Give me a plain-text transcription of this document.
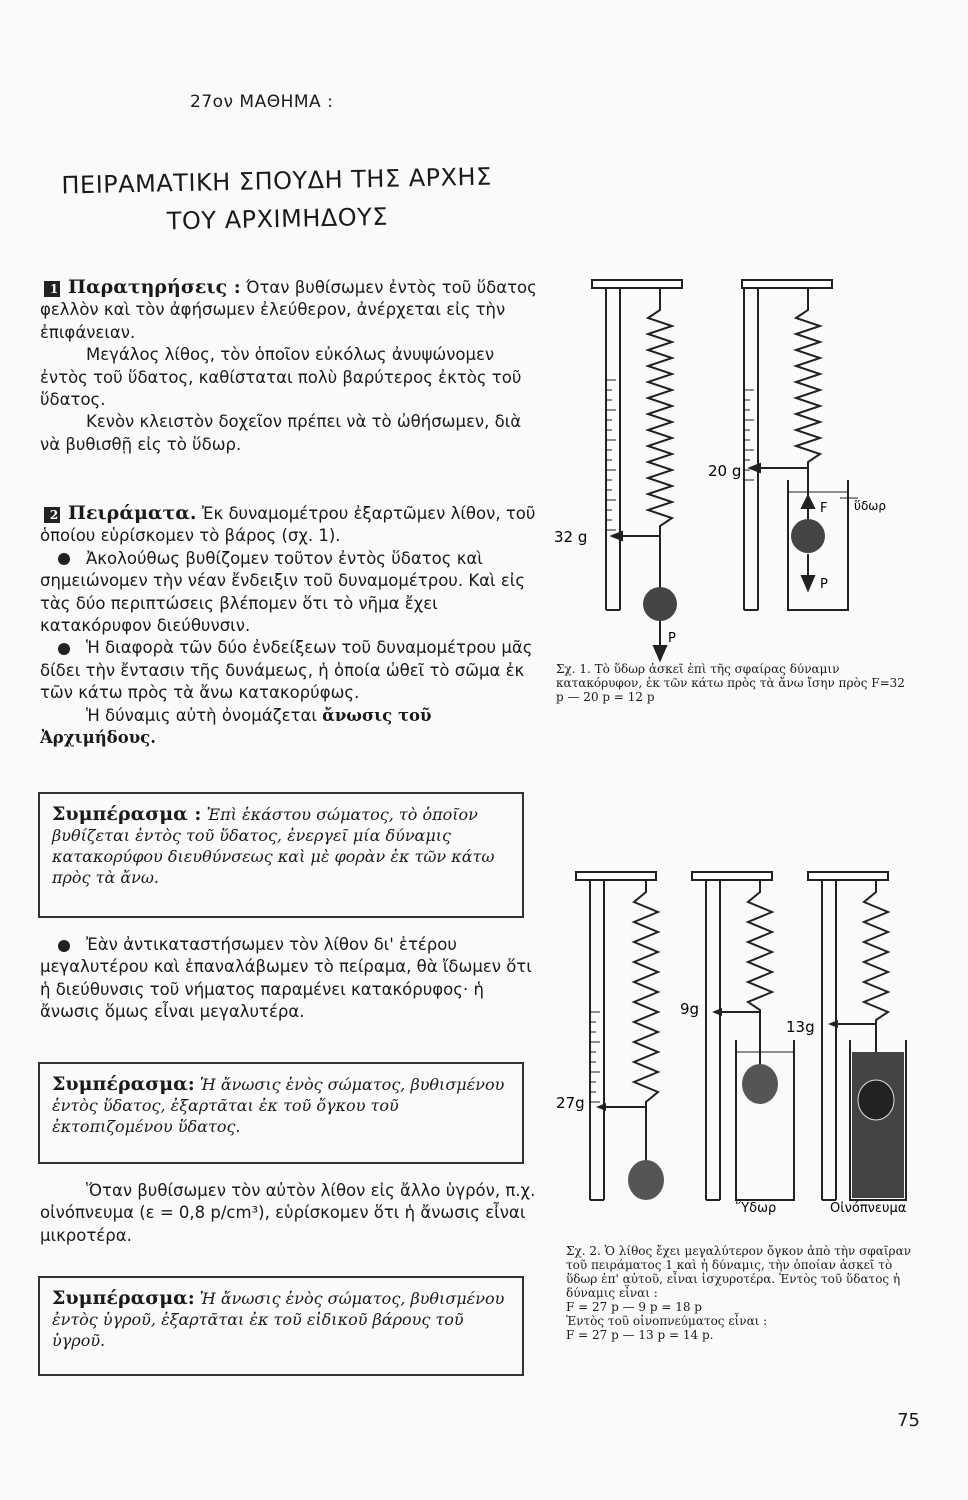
27ον ΜΑΘΗΜΑ :
ΠΕΙΡΑΜΑΤΙΚΗ ΣΠΟΥΔΗ ΤΗΣ ΑΡΧΗΣ
ΤΟΥ ΑΡΧΙΜΗΔΟΥΣ

1 Παρατηρήσεις : Όταν βυθίσωμεν ἐντὸς τοῦ ὕδατος φελλὸν καὶ τὸν ἀφήσωμεν ἐλεύθερον, ἀνέρχεται εἰς τὴν ἐπιφάνειαν.

Μεγάλος λίθος, τὸν ὁποῖον εὐκόλως ἀνυψώνομεν ἐντὸς τοῦ ὕδατος, καθίσταται πολὺ βαρύτερος ἐκτὸς τοῦ ὕδατος.

Κενὸν κλειστὸν δοχεῖον πρέπει νὰ τὸ ὠθήσωμεν, διὰ νὰ βυθισθῇ εἰς τὸ ὕδωρ.

2 Πειράματα. Ἐκ δυναμομέτρου ἐξαρτῶμεν λίθον, τοῦ ὁποίου εὑρίσκομεν τὸ βάρος (σχ. 1).

Ἀκολούθως βυθίζομεν τοῦτον ἐντὸς ὕδατος καὶ σημειώνομεν τὴν νέαν ἔνδειξιν τοῦ δυναμομέτρου. Καὶ εἰς τὰς δύο περιπτώσεις βλέπομεν ὅτι τὸ νῆμα ἔχει κατακόρυφον διεύθυνσιν.

Ἡ διαφορὰ τῶν δύο ἐνδείξεων τοῦ δυναμομέτρου μᾶς δίδει τὴν ἔντασιν τῆς δυνάμεως, ἡ ὁποία ὠθεῖ τὸ σῶμα ἐκ τῶν κάτω πρὸς τὰ ἄνω κατακορύφως.

Ἡ δύναμις αὐτὴ ὀνομάζεται ἄνωσις τοῦ Ἀρχιμήδους.

Συμπέρασμα : Ἐπὶ ἑκάστου σώματος, τὸ ὁποῖον βυθίζεται ἐντὸς τοῦ ὕδατος, ἐνεργεῖ μία δύναμις κατακορύφου διευθύνσεως καὶ μὲ φορὰν ἐκ τῶν κάτω πρὸς τὰ ἄνω.

Ἐὰν ἀντικαταστήσωμεν τὸν λίθον δι' ἑτέρου μεγαλυτέρου καὶ ἐπαναλάβωμεν τὸ πείραμα, θὰ ἴδωμεν ὅτι ἡ διεύθυνσις τοῦ νήματος παραμένει κατακόρυφος· ἡ ἄνωσις ὅμως εἶναι μεγαλυτέρα.

Συμπέρασμα: Ἡ ἄνωσις ἑνὸς σώματος, βυθισμένου ἐντὸς ὕδατος, ἐξαρτᾶται ἐκ τοῦ ὄγκου τοῦ ἐκτοπιζομένου ὕδατος.

Ὅταν βυθίσωμεν τὸν αὐτὸν λίθον εἰς ἄλλο ὑγρόν, π.χ. οἰνόπνευμα (ε = 0,8 p/cm³), εὑρίσκομεν ὅτι ἡ ἄνωσις εἶναι μικροτέρα.

Συμπέρασμα: Ἡ ἄνωσις ἑνὸς σώματος, βυθισμένου ἐντὸς ὑγροῦ, ἐξαρτᾶται ἐκ τοῦ εἰδικοῦ βάρους τοῦ ὑγροῦ.
32 g
20 g
ὕδωρ
F
P
P
Σχ. 1. Τὸ ὕδωρ ἀσκεῖ ἐπὶ τῆς σφαίρας δύναμιν κατακόρυφον, ἐκ τῶν κάτω πρὸς τὰ ἄνω ἴσην πρὸς F=32 p — 20 p = 12 p
27g
9g
13g
Ὕδωρ	Οἰνόπνευμα
Σχ. 2. Ὁ λίθος ἔχει μεγαλύτερον ὄγκον ἀπὸ τὴν σφαῖραν τοῦ πειράματος 1 καὶ ἡ δύναμις, τὴν ὁποίαν ἀσκεῖ τὸ ὕδωρ ἐπ' αὐτοῦ, εἶναι ἰσχυροτέρα. Ἐντὸς τοῦ ὕδατος ἡ δύναμις εἶναι :
F = 27 p — 9 p = 18 p
Ἐντὸς τοῦ οἰνοπνεύματος εἶναι :
F = 27 p — 13 p = 14 p.
75
